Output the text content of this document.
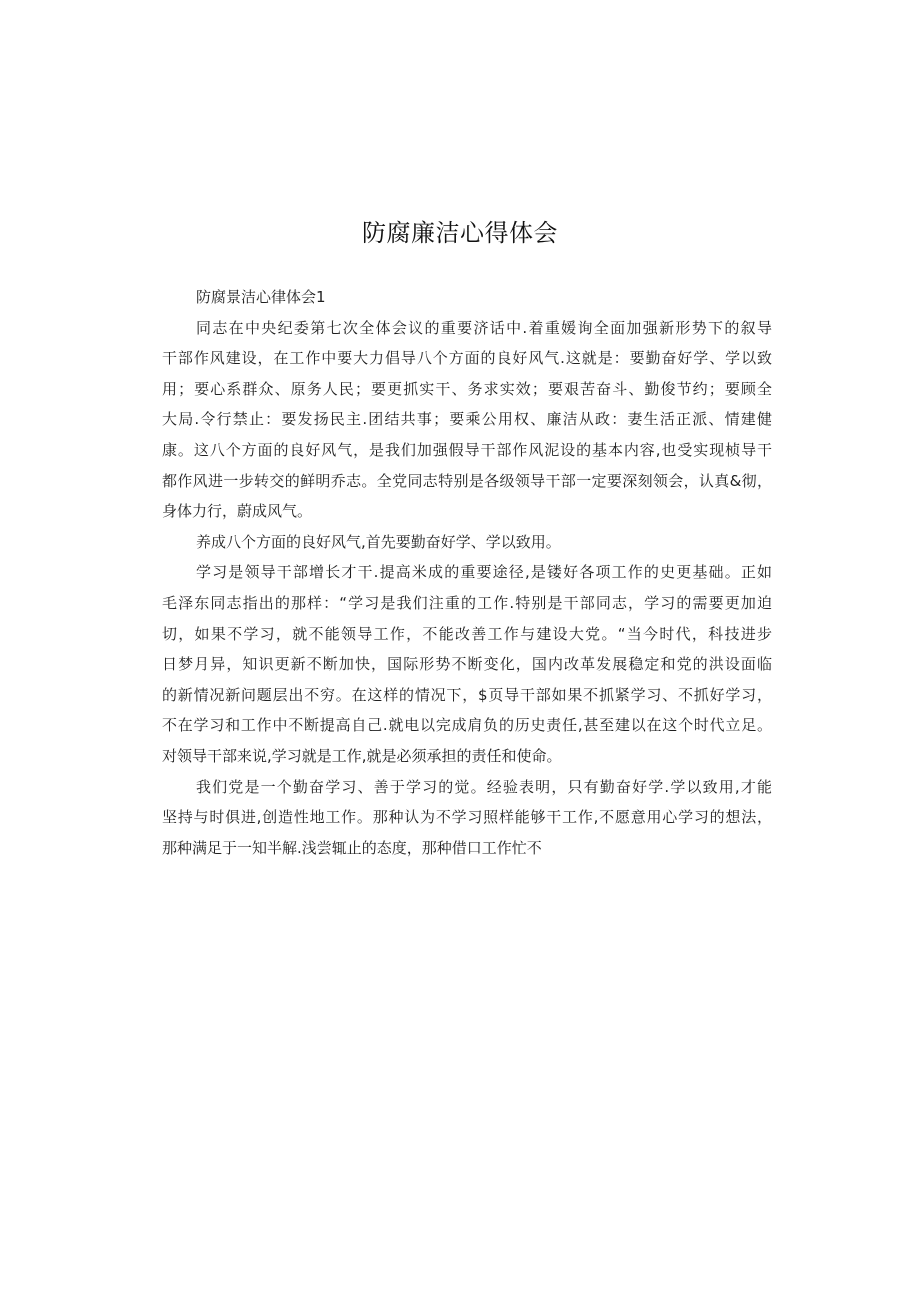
防腐廉洁心得体会
防腐景洁心律体会1
同志在中央纪委第七次全体会议的重要济话中.着重媛询全面加强新形势下的叙导
干部作风建设，在工作中要大力倡导八个方面的良好风气.这就是：要勤奋好学、学以致
用；要心系群众、原务人民；要更抓实干、务求实效；要艰苦奋斗、勤俊节约；要顾全
大局.令行禁止：要发扬民主.团结共事；要乘公用权、廉洁从政：妻生活正派、情建健
康。这八个方面的良好风气，是我们加强假导干部作风泥设的基本内容,也受实现桢导干
都作风进一步转交的鲜明乔志。全党同志特别是各级领导干部一定要深刻领会，认真&彻，
身体力行，蔚成风气。
养成八个方面的良好风气,首先要勤奋好学、学以致用。
学习是领导干部增长才干.提高米成的重要途径,是镂好各项工作的史更基础。正如
毛泽东同志指出的那样：“学习是我们注重的工作.特别是干部同志，学习的需要更加迫
切，如果不学习，就不能领导工作，不能改善工作与建设大党。“当今时代，科技进步
日梦月异，知识更新不断加快，国际形势不断变化，国内改革发展稳定和党的洪设面临
的新情况新问题层出不穷。在这样的情况下，$页导干部如果不抓紧学习、不抓好学习，
不在学习和工作中不断提高自己.就电以完成肩负的历史责任,甚至建以在这个时代立足。
对领导干部来说,学习就是工作,就是必须承担的责任和使命。
我们党是一个勤奋学习、善于学习的觉。经验表明，只有勤奋好学.学以致用,才能
坚持与时俱进,创造性地工作。那种认为不学习照样能够干工作,不愿意用心学习的想法，
那种满足于一知半解.浅尝辄止的态度，那种借口工作忙不
